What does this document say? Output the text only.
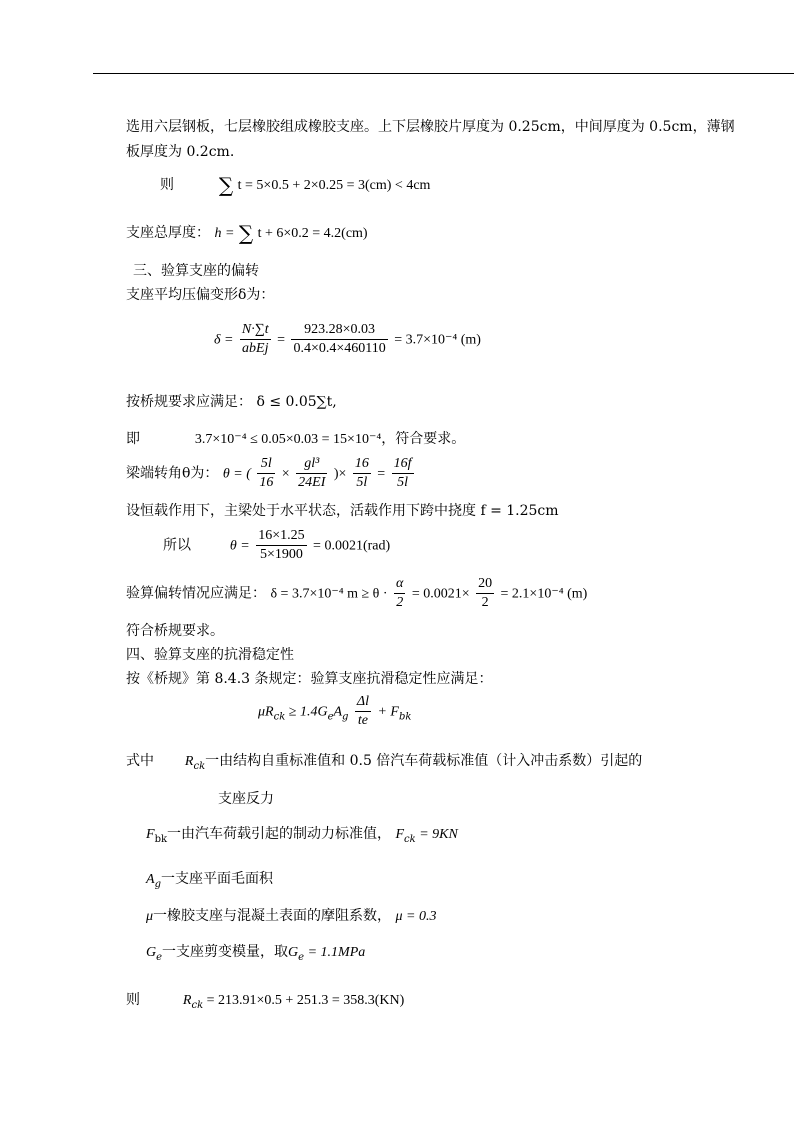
选用六层钢板，七层橡胶组成橡胶支座。上下层橡胶片厚度为 0.25cm，中间厚度为 0.5cm，薄钢
板厚度为 0.2cm.
则 ∑ t = 5×0.5 + 2×0.25 = 3(cm) < 4cm
支座总厚度： h = ∑ t + 6×0.2 = 4.2(cm)
三、验算支座的偏转
支座平均压偏变形δ为：
$\delta = \frac{N\cdot\sum t}{\text{abEj}} = \frac{923.28\times 0.03}{0.4\times 0.4\times 460110} = 3.7\times 10^{-4}$ (m)
按桥规要求应满足： δ ≤ 0.05∑t,
即	3.7×10⁻⁴ ≤ 0.05×0.03 = 15×10⁻⁴，符合要求。
梁端转角θ为： θ = ( $\frac{5l}{16} \times \frac{\text{gl³}}{24EI}$ )× $\frac{16}{5l} = \frac{16f}{5l}$
设恒载作用下，主梁处于水平状态，活载作用下跨中挠度 f = 1.25cm
所以	$\theta = \frac{16\times 1.25}{5\times 1900} = 0.0021(rad)$
验算偏转情况应满足： δ = 3.7×10⁻⁴ $m \ge \theta \cdot \frac{\alpha}{2} = 0.0021\times \frac{20}{2} = 2.1\times 10^{-4}$ (m)
符合桥规要求。
四、验算支座的抗滑稳定性
按《桥规》第 8.4.3 条规定：验算支座抗滑稳定性应满足：
$\mu R_{ck} \ge 1.4G_eA_g \frac{\Delta l}{te} + F_{bk}$
式中 $R_{ck}$一由结构自重标准值和 0.5 倍汽车荷载标准值（计入冲击系数）引起的
支座反力
$F_{bk}$一由汽车荷载引起的制动力标准值， $F_{ck} = 9KN$
$A_g$一支座平面毛面积
μ一橡胶支座与混凝土表面的摩阻系数， μ = 0.3
$G_e$一支座剪变模量，取$G_e = 1.1MPa$
则	$R_{ck} = 213.91\times 0.5 + 251.3 = 358.3(KN)$
